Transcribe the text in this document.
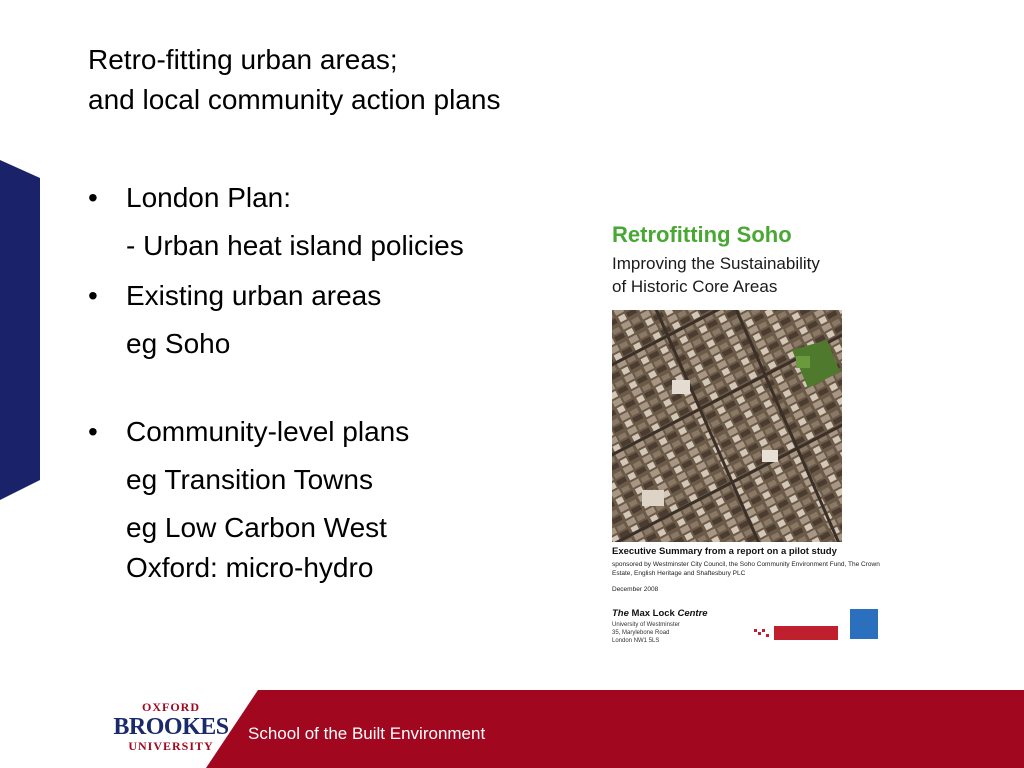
Retro-fitting urban areas;
and local community action plans
• London Plan:
- Urban heat island policies
• Existing urban areas
eg Soho
• Community-level plans
eg Transition Towns
eg Low Carbon West Oxford: micro-hydro
Retrofitting Soho
Improving the Sustainability
of Historic Core Areas
Executive Summary from a report on a pilot study
sponsored by Westminster City Council, the Soho Community Environment Fund, The Crown Estate, English Heritage and Shaftesbury PLC
December 2008
The Max Lock Centre
University of Westminster
35, Marylebone Road
London NW1 5LS
OXFORD
BROOKES
UNIVERSITY
School of the Built Environment
